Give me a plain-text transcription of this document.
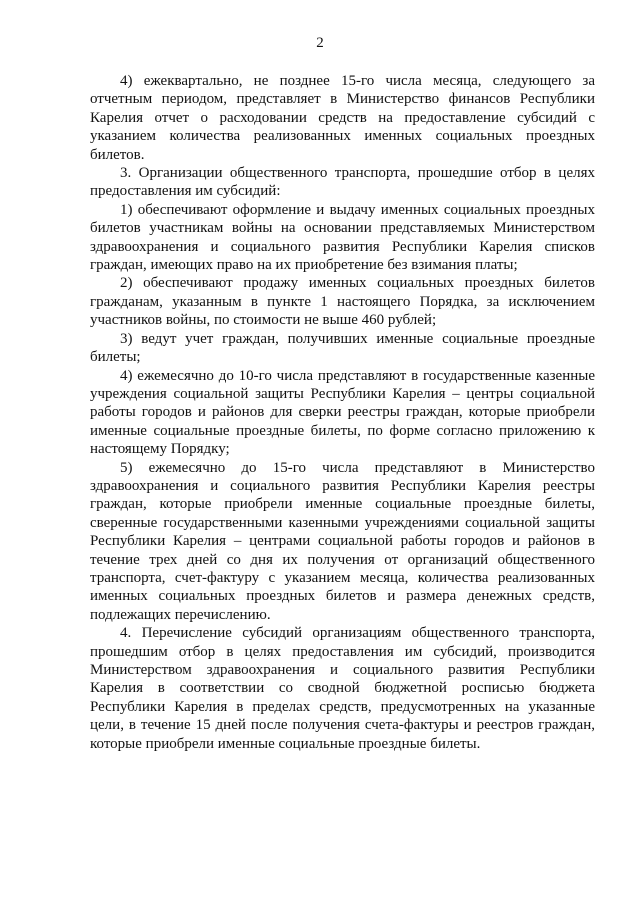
2

4) ежеквартально, не позднее 15-го числа месяца, следующего за отчетным периодом, представляет в Министерство финансов Республики Карелия отчет о расходовании средств на предоставление субсидий с указанием количества реализованных именных социальных проездных билетов.

3. Организации общественного транспорта, прошедшие отбор в целях предоставления им субсидий:

1) обеспечивают оформление и выдачу именных социальных проездных билетов участникам войны на основании представляемых Министерством здравоохранения и социального развития Республики Карелия списков граждан, имеющих право на их приобретение без взимания платы;

2) обеспечивают продажу именных социальных проездных билетов гражданам, указанным в пункте 1 настоящего Порядка, за исключением участников войны, по стоимости не выше 460 рублей;

3) ведут учет граждан, получивших именные социальные проездные билеты;

4) ежемесячно до 10-го числа представляют в государственные казенные учреждения социальной защиты Республики Карелия – центры социальной работы городов и районов для сверки реестры граждан, которые приобрели именные социальные проездные билеты, по форме согласно приложению к настоящему Порядку;

5) ежемесячно до 15-го числа представляют в Министерство здравоохранения и социального развития Республики Карелия реестры граждан, которые приобрели именные социальные проездные билеты, сверенные государственными казенными учреждениями социальной защиты Республики Карелия – центрами социальной работы городов и районов в течение трех дней со дня их получения от организаций общественного транспорта, счет-фактуру с указанием месяца, количества реализованных именных социальных проездных билетов и размера денежных средств, подлежащих перечислению.

4. Перечисление субсидий организациям общественного транспорта, прошедшим отбор в целях предоставления им субсидий, производится Министерством здравоохранения и социального развития Республики Карелия в соответствии со сводной бюджетной росписью бюджета Республики Карелия в пределах средств, предусмотренных на указанные цели, в течение 15 дней после получения счета-фактуры и реестров граждан, которые приобрели именные социальные проездные билеты.
